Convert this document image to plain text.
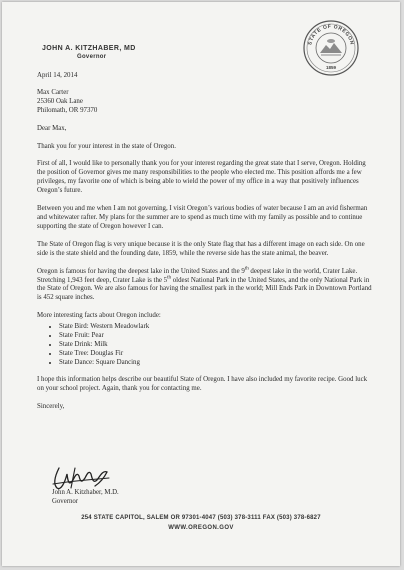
JOHN A. KITZHABER, MD
Governor
STATE OF OREGON
1859

April 14, 2014

Max Carter
25360 Oak Lane
Philomath, OR 97370

Dear Max,

Thank you for your interest in the state of Oregon.

First of all, I would like to personally thank you for your interest regarding the great state that I serve, Oregon. Holding the position of Governor gives me many responsibilities to the people who elected me. This position affords me a few privileges, my favorite one of which is being able to wield the power of my office in a way that positively influences Oregon’s future.

Between you and me when I am not governing, I visit Oregon’s various bodies of water because I am an avid fisherman and whitewater rafter. My plans for the summer are to spend as much time with my family as possible and to continue supporting the state of Oregon however I can.

The State of Oregon flag is very unique because it is the only State flag that has a different image on each side. On one side is the state shield and the founding date, 1859, while the reverse side has the state animal, the beaver.

Oregon is famous for having the deepest lake in the United States and the 9th deepest lake in the world, Crater Lake. Stretching 1,943 feet deep, Crater Lake is the 5th oldest National Park in the United States, and the only National Park in the State of Oregon. We are also famous for having the smallest park in the world; Mill Ends Park in Downtown Portland is 452 square inches.

More interesting facts about Oregon include:

• State Bird: Western Meadowlark
• State Fruit: Pear
• State Drink: Milk
• State Tree: Douglas Fir
• State Dance: Square Dancing

I hope this information helps describe our beautiful State of Oregon. I have also included my favorite recipe. Good luck on your school project. Again, thank you for contacting me.

Sincerely,

John A. Kitzhaber, M.D.
Governor
254 STATE CAPITOL, SALEM OR 97301-4047 (503) 378-3111 FAX (503) 378-6827
WWW.OREGON.GOV
